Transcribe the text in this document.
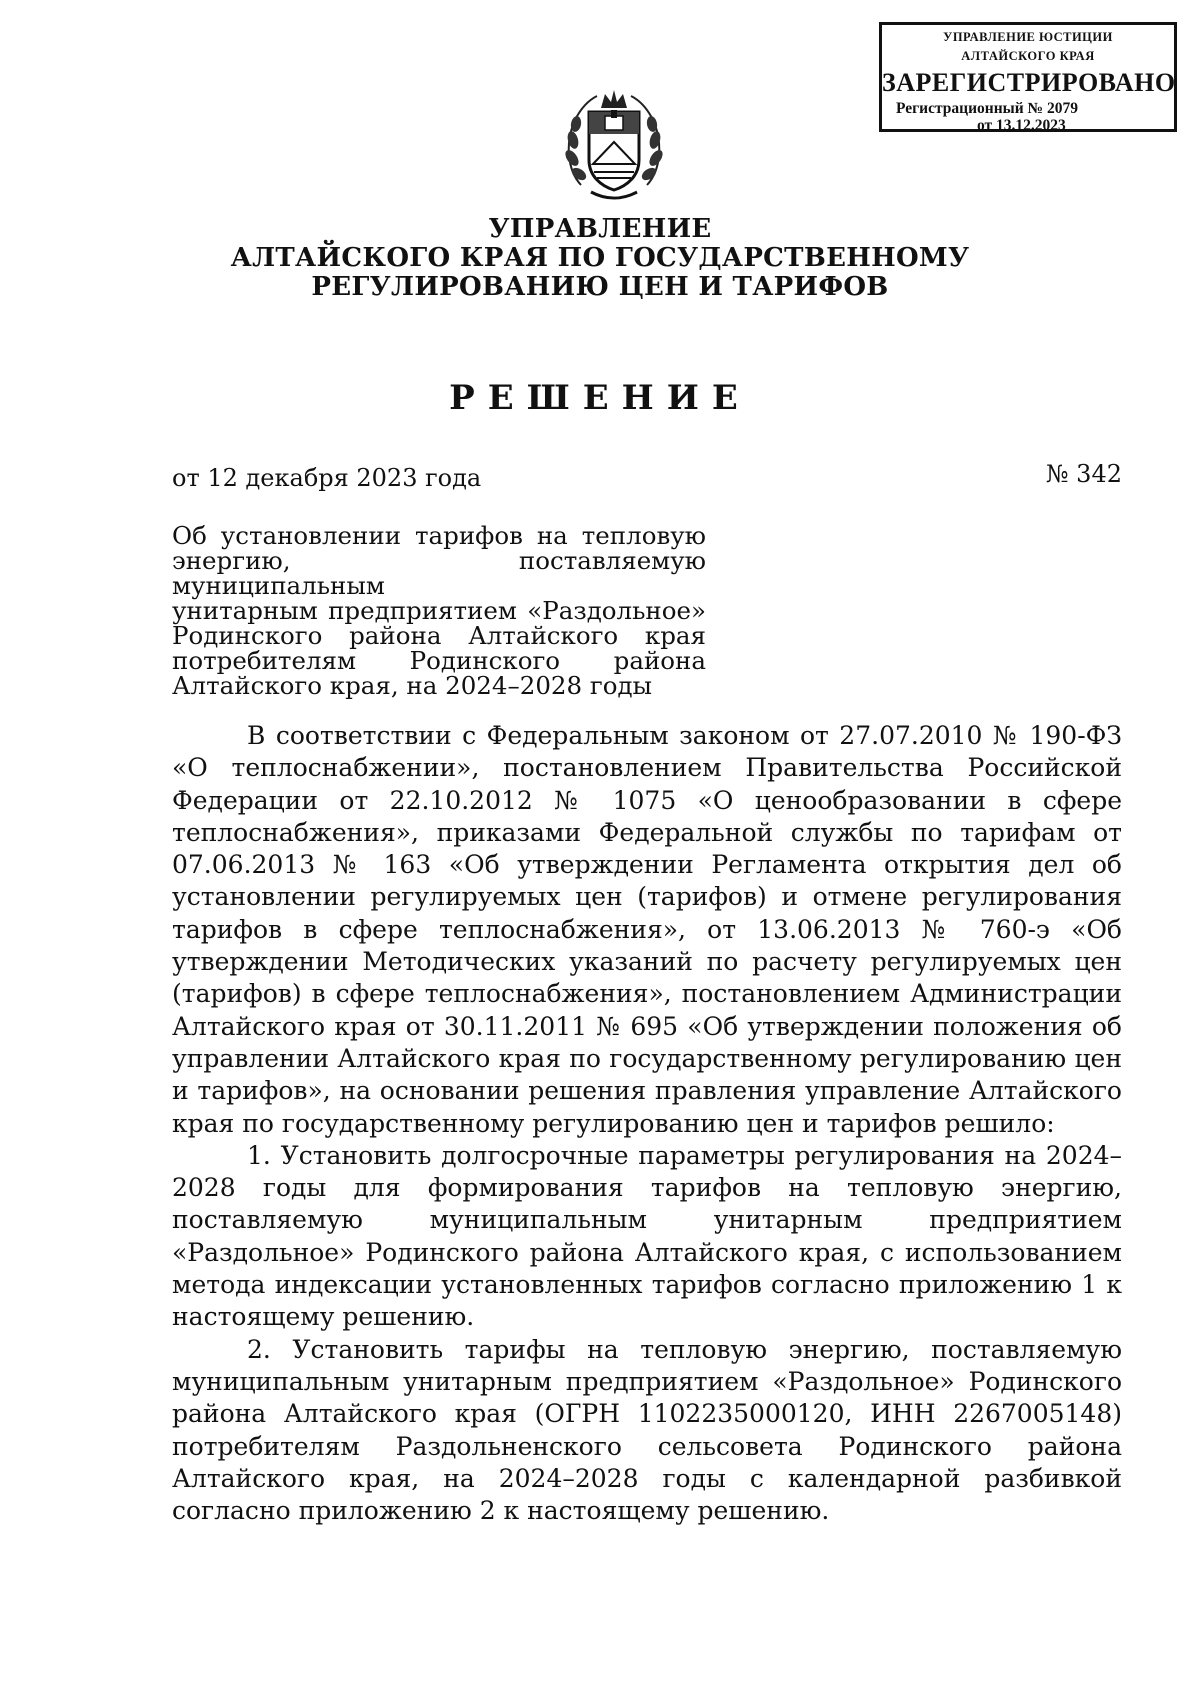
УПРАВЛЕНИЕ ЮСТИЦИИ
АЛТАЙСКОГО КРАЯ
ЗАРЕГИСТРИРОВАНО
Регистрационный № 2079
от 13.12.2023
УПРАВЛЕНИЕ
АЛТАЙСКОГО КРАЯ ПО ГОСУДАРСТВЕННОМУ
РЕГУЛИРОВАНИЮ ЦЕН И ТАРИФОВ
РЕШЕНИЕ
от 12 декабря 2023 года	№ 342
Об установлении тарифов на тепловую
энергию, поставляемую муниципальным
унитарным предприятием «Раздольное»
Родинского района Алтайского края
потребителям Родинского района
Алтайского края, на 2024–2028 годы

В соответствии с Федеральным законом от 27.07.2010 № 190-ФЗ «О теплоснабжении», постановлением Правительства Российской Федерации от 22.10.2012 № 1075 «О ценообразовании в сфере теплоснабжения», приказами Федеральной службы по тарифам от 07.06.2013 № 163 «Об утверждении Регламента открытия дел об установлении регулируемых цен (тарифов) и отмене регулирования тарифов в сфере теплоснабжения», от 13.06.2013 № 760-э «Об утверждении Методических указаний по расчету регулируемых цен (тарифов) в сфере теплоснабжения», постановлением Администрации Алтайского края от 30.11.2011 № 695 «Об утверждении положения об управлении Алтайского края по государственному регулированию цен и тарифов», на основании решения правления управление Алтайского края по государственному регулированию цен и тарифов решило:

1. Установить долгосрочные параметры регулирования на 2024–2028 годы для формирования тарифов на тепловую энергию, поставляемую муниципальным унитарным предприятием «Раздольное» Родинского района Алтайского края, с использованием метода индексации установленных тарифов согласно приложению 1 к настоящему решению.

2. Установить тарифы на тепловую энергию, поставляемую муниципальным унитарным предприятием «Раздольное» Родинского района Алтайского края (ОГРН 1102235000120, ИНН 2267005148) потребителям Раздольненского сельсовета Родинского района Алтайского края, на 2024–2028 годы с календарной разбивкой согласно приложению 2 к настоящему решению.
